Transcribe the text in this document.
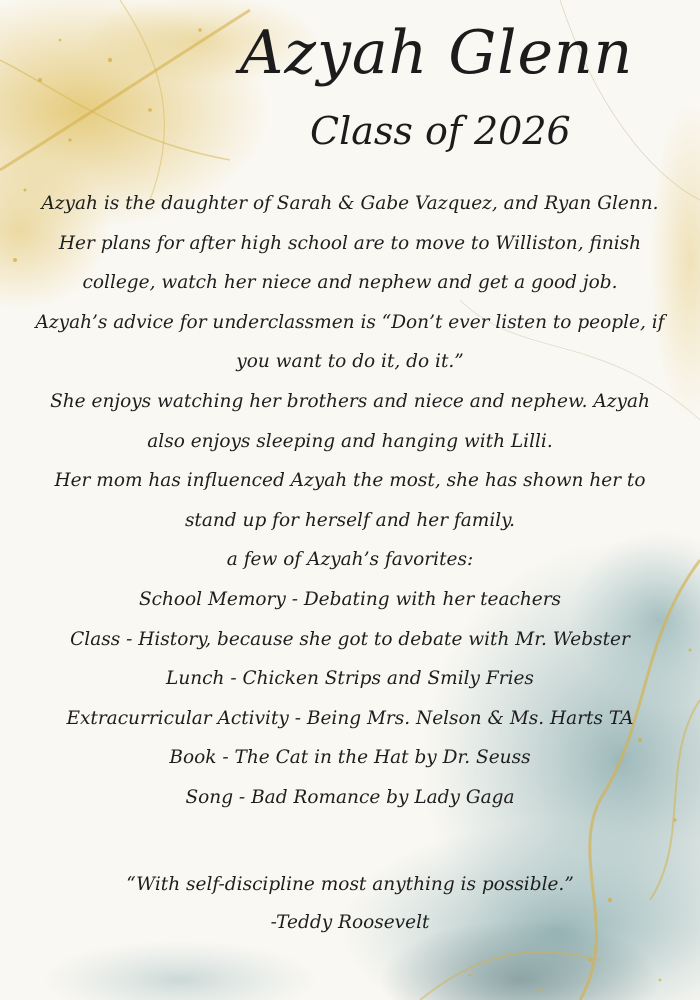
Azyah Glenn
Class of 2026
Azyah is the daughter of Sarah & Gabe Vazquez, and Ryan Glenn.
Her plans for after high school are to move to Williston, finish
college, watch her niece and nephew and get a good job.
Azyah’s advice for underclassmen is “Don’t ever listen to people, if
you want to do it, do it.”
She enjoys watching her brothers and niece and nephew. Azyah
also enjoys sleeping and hanging with Lilli.
Her mom has influenced Azyah the most, she has shown her to
stand up for herself and her family.
a few of Azyah’s favorites:
School Memory - Debating with her teachers
Class - History, because she got to debate with Mr. Webster
Lunch - Chicken Strips and Smily Fries
Extracurricular Activity - Being Mrs. Nelson & Ms. Harts TA
Book - The Cat in the Hat by Dr. Seuss
Song - Bad Romance by Lady Gaga
“With self-discipline most anything is possible.”
-Teddy Roosevelt
